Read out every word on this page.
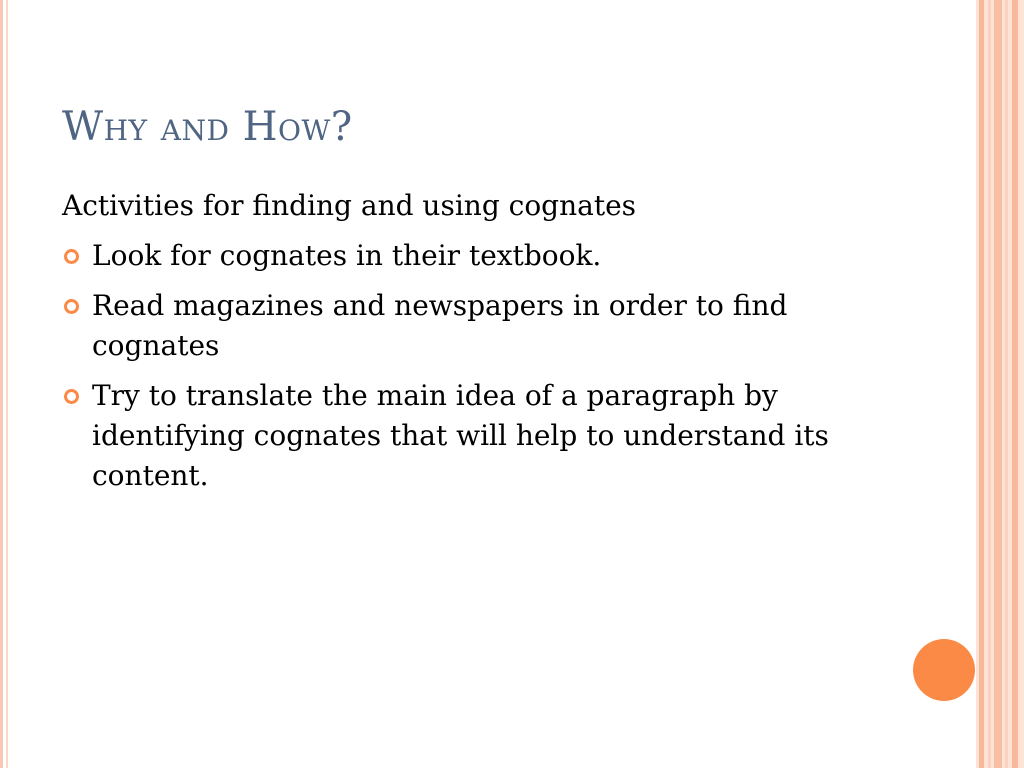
Why and How?

Activities for finding and using cognates

Look for cognates in their textbook.
Read magazines and newspapers in order to find cognates
Try to translate the main idea of a paragraph by identifying cognates that will help to understand its content.
